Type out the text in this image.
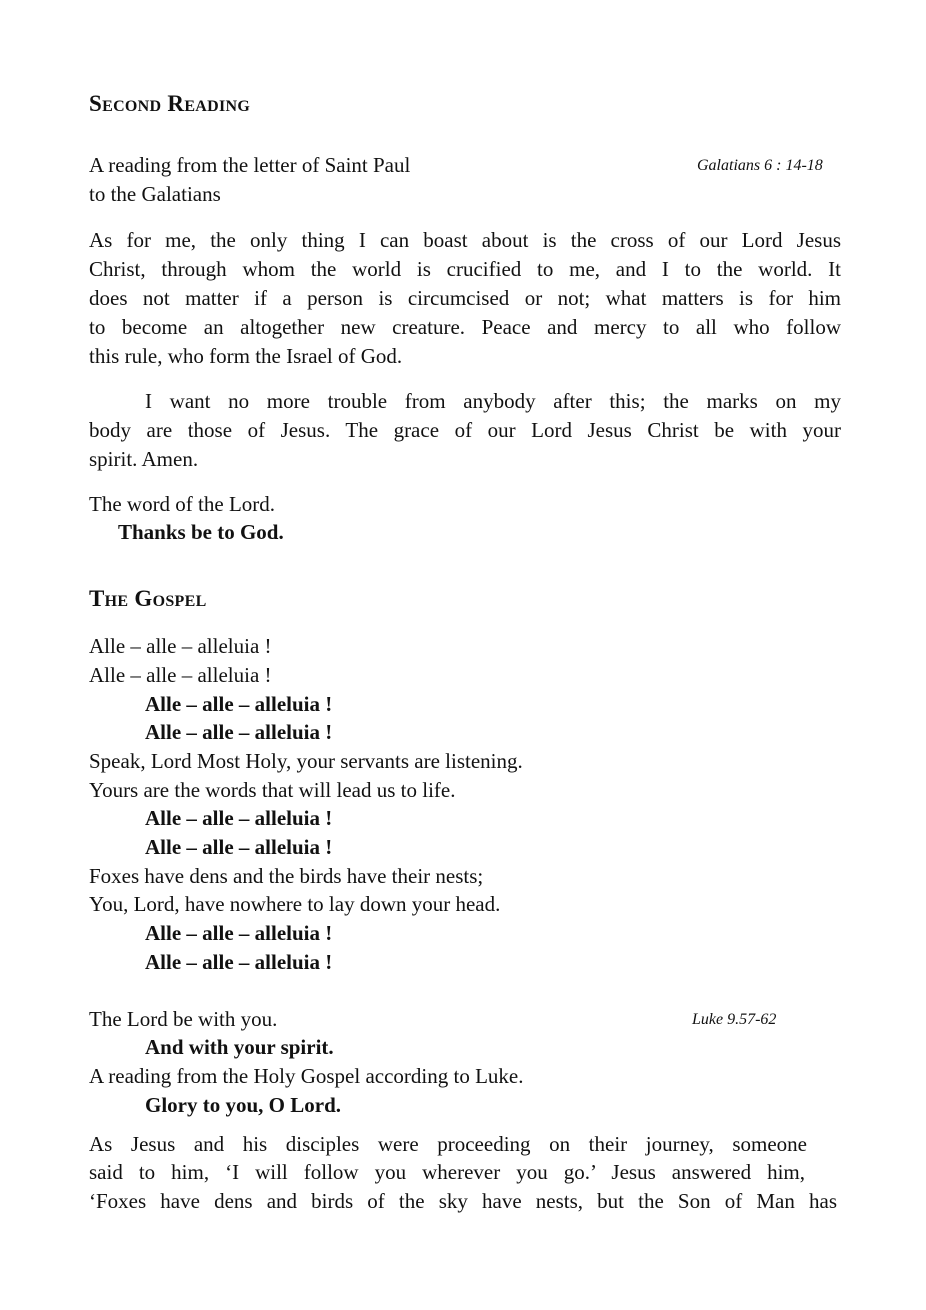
Second Reading
A reading from the letter of Saint Paul	Galatians 6 : 14-18
to the Galatians
As for me, the only thing I can boast about is the cross of our Lord Jesus
Christ, through whom the world is crucified to me, and I to the world. It
does not matter if a person is circumcised or not; what matters is for him
to become an altogether new creature. Peace and mercy to all who follow
this rule, who form the Israel of God.
I want no more trouble from anybody after this; the marks on my
body are those of Jesus. The grace of our Lord Jesus Christ be with your
spirit. Amen.
The word of the Lord.
Thanks be to God.
The Gospel
Alle – alle – alleluia !
Alle – alle – alleluia !
Alle – alle – alleluia !
Alle – alle – alleluia !
Speak, Lord Most Holy, your servants are listening.
Yours are the words that will lead us to life.
Alle – alle – alleluia !
Alle – alle – alleluia !
Foxes have dens and the birds have their nests;
You, Lord, have nowhere to lay down your head.
Alle – alle – alleluia !
Alle – alle – alleluia !
The Lord be with you.	Luke 9.57-62
And with your spirit.
A reading from the Holy Gospel according to Luke.
Glory to you, O Lord.
As Jesus and his disciples were proceeding on their journey, someone
said to him, ‘I will follow you wherever you go.’ Jesus answered him,
‘Foxes have dens and birds of the sky have nests, but the Son of Man has
